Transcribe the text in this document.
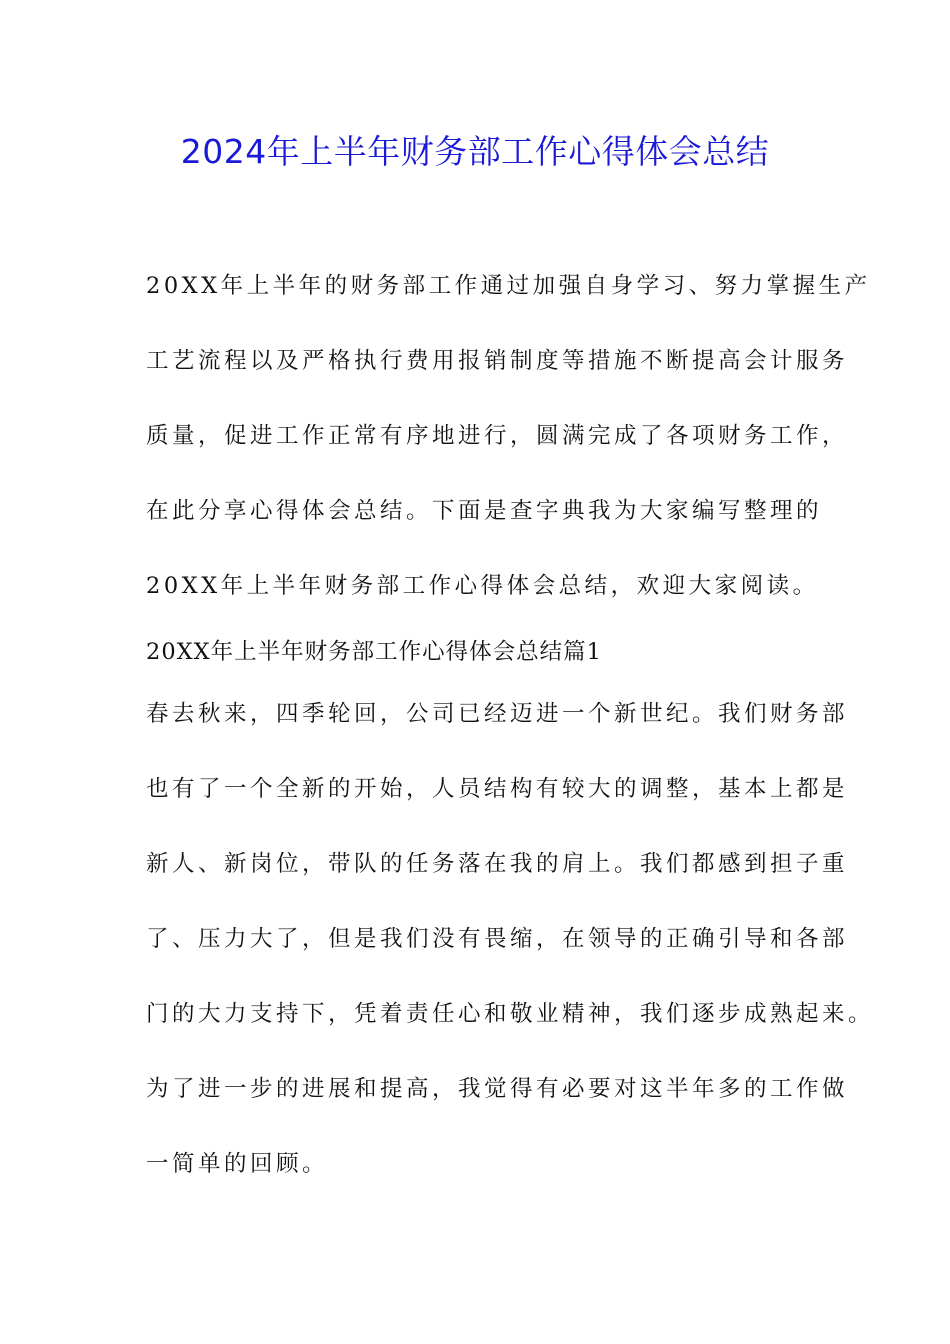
2024年上半年财务部工作心得体会总结
20XX年上半年的财务部工作通过加强自身学习、努力掌握生产
工艺流程以及严格执行费用报销制度等措施不断提高会计服务
质量，促进工作正常有序地进行，圆满完成了各项财务工作，
在此分享心得体会总结。下面是查字典我为大家编写整理的
20XX年上半年财务部工作心得体会总结，欢迎大家阅读。
20XX年上半年财务部工作心得体会总结篇1
春去秋来，四季轮回，公司已经迈进一个新世纪。我们财务部
也有了一个全新的开始，人员结构有较大的调整，基本上都是
新人、新岗位，带队的任务落在我的肩上。我们都感到担子重
了、压力大了，但是我们没有畏缩，在领导的正确引导和各部
门的大力支持下，凭着责任心和敬业精神，我们逐步成熟起来。
为了进一步的进展和提高，我觉得有必要对这半年多的工作做
一简单的回顾。
